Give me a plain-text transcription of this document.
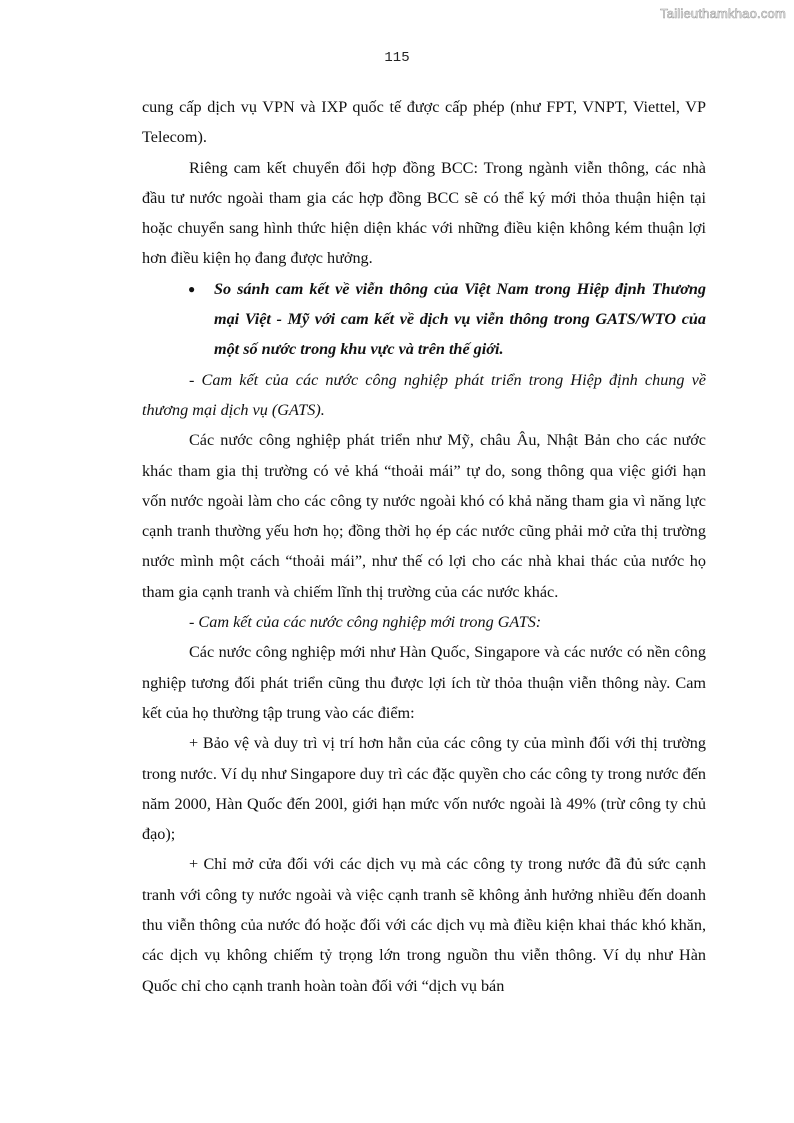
Tailieuthamkhao.com
115

cung cấp dịch vụ VPN và IXP quốc tế được cấp phép (như FPT, VNPT, Viettel, VP Telecom).

Riêng cam kết chuyển đổi hợp đồng BCC: Trong ngành viễn thông, các nhà đầu tư nước ngoài tham gia các hợp đồng BCC sẽ có thể ký mới thỏa thuận hiện tại hoặc chuyển sang hình thức hiện diện khác với những điều kiện không kém thuận lợi hơn điều kiện họ đang được hưởng.

●	So sánh cam kết về viễn thông của Việt Nam trong Hiệp định Thương mại Việt - Mỹ với cam kết về dịch vụ viễn thông trong GATS/WTO của một số nước trong khu vực và trên thế giới.

- Cam kết của các nước công nghiệp phát triển trong Hiệp định chung về thương mại dịch vụ (GATS).

Các nước công nghiệp phát triển như Mỹ, châu Âu, Nhật Bản cho các nước khác tham gia thị trường có vẻ khá “thoải mái” tự do, song thông qua việc giới hạn vốn nước ngoài làm cho các công ty nước ngoài khó có khả năng tham gia vì năng lực cạnh tranh thường yếu hơn họ; đồng thời họ ép các nước cũng phải mở cửa thị trường nước mình một cách “thoải mái”, như thế có lợi cho các nhà khai thác của nước họ tham gia cạnh tranh và chiếm lĩnh thị trường của các nước khác.

- Cam kết của các nước công nghiệp mới trong GATS:

Các nước công nghiệp mới như Hàn Quốc, Singapore và các nước có nền công nghiệp tương đối phát triển cũng thu được lợi ích từ thỏa thuận viễn thông này. Cam kết của họ thường tập trung vào các điểm:

+ Bảo vệ và duy trì vị trí hơn hẳn của các công ty của mình đối với thị trường trong nước. Ví dụ như Singapore duy trì các đặc quyền cho các công ty trong nước đến năm 2000, Hàn Quốc đến 200l, giới hạn mức vốn nước ngoài là 49% (trừ công ty chủ đạo);

+ Chỉ mở cửa đối với các dịch vụ mà các công ty trong nước đã đủ sức cạnh tranh với công ty nước ngoài và việc cạnh tranh sẽ không ảnh hưởng nhiều đến doanh thu viễn thông của nước đó hoặc đối với các dịch vụ mà điều kiện khai thác khó khăn, các dịch vụ không chiếm tỷ trọng lớn trong nguồn thu viễn thông. Ví dụ như Hàn Quốc chỉ cho cạnh tranh hoàn toàn đối với “dịch vụ bán
